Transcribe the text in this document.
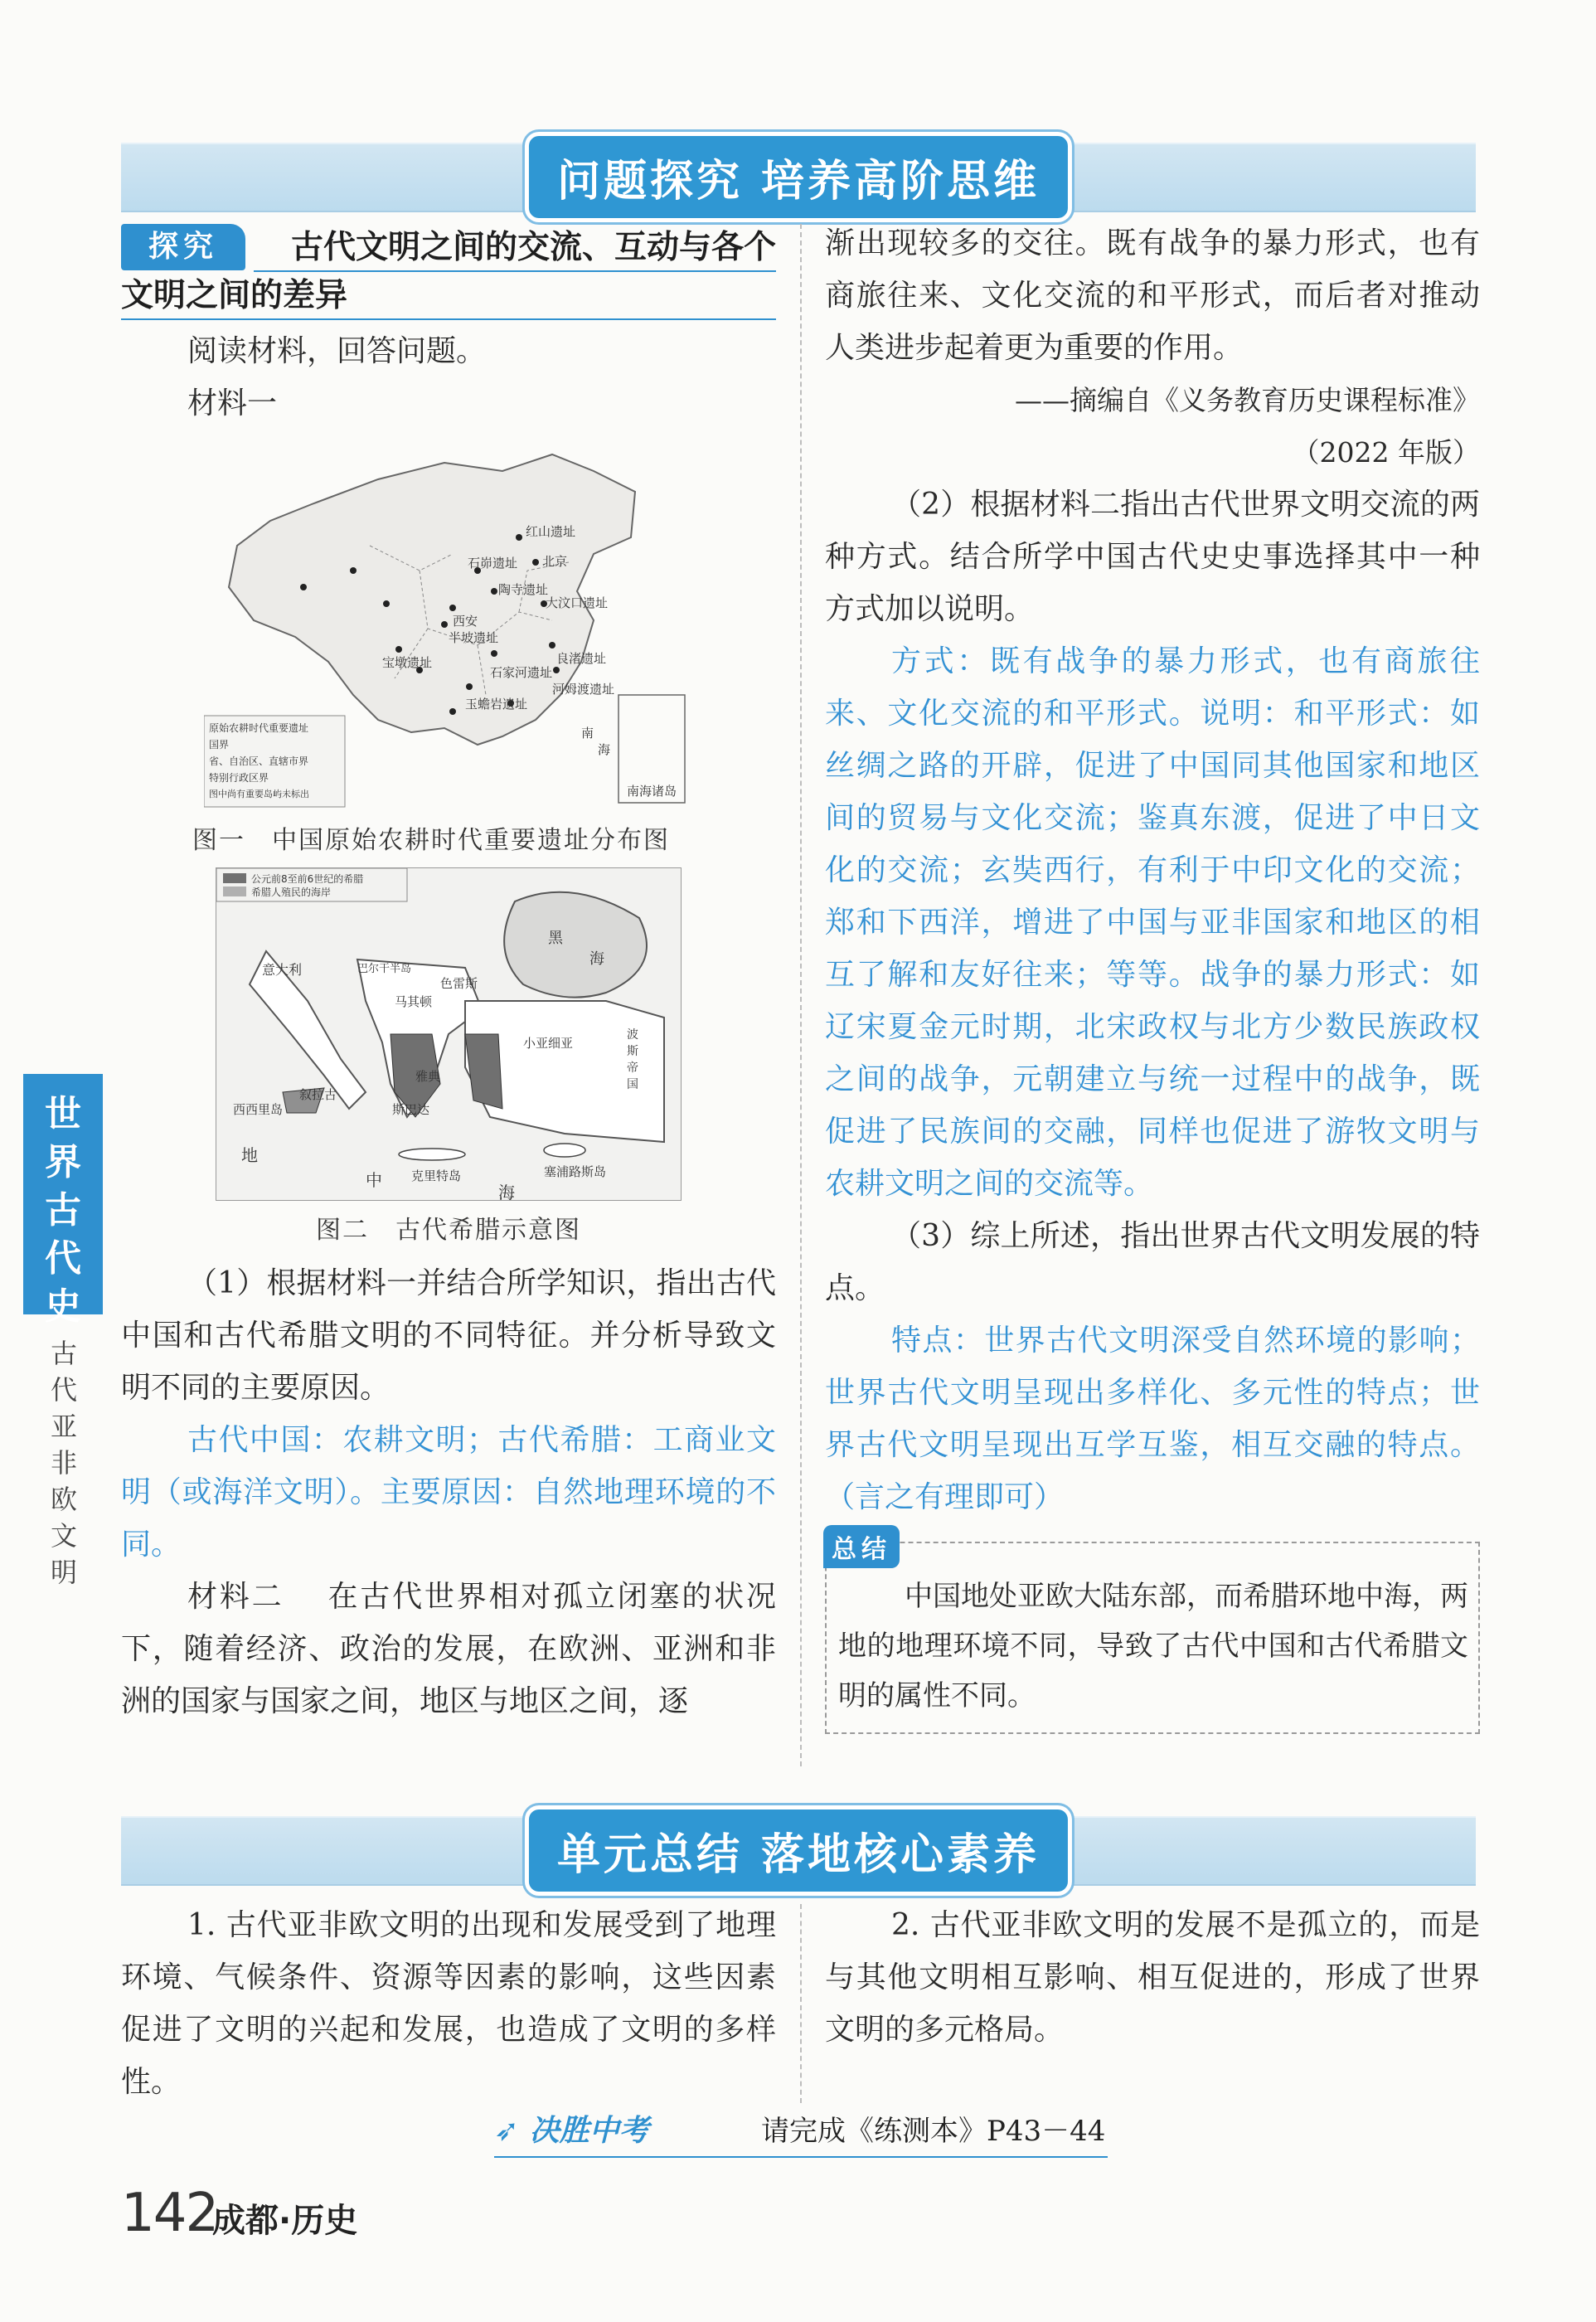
问题探究 培养高阶思维
古代文明之间的交流、互动与各个文明之间的差异
探究

阅读材料，回答问题。

材料一

红山遗址
北京
石峁遗址
陶寺遗址
大汶口遗址
西安
半坡遗址
宝墩遗址	良渚遗址
石家河遗址
河姆渡遗址
玉蟾岩遗址
南海诸岛
南
海
原始农耕时代重要遗址
国界
省、自治区、直辖市界
特别行政区界
图中尚有重要岛屿未标出
图一　中国原始农耕时代重要遗址分布图
公元前8至前6世纪的希腊
希腊人殖民的海岸
黑
海
色雷斯
马其顿
巴尔干半岛
小亚细亚
波斯帝国
意大利
西西里岛
叙拉古
雅典
斯巴达
克里特岛	塞浦路斯岛
地
中
海
图二　古代希腊示意图

（1）根据材料一并结合所学知识，指出古代中国和古代希腊文明的不同特征。并分析导致文明不同的主要原因。

古代中国：农耕文明；古代希腊：工商业文明（或海洋文明）。主要原因：自然地理环境的不同。

材料二　 在古代世界相对孤立闭塞的状况下，随着经济、政治的发展，在欧洲、亚洲和非洲的国家与国家之间，地区与地区之间，逐

渐出现较多的交往。既有战争的暴力形式，也有商旅往来、文化交流的和平形式，而后者对推动人类进步起着更为重要的作用。

——摘编自《义务教育历史课程标准》

（2022 年版）

（2）根据材料二指出古代世界文明交流的两种方式。结合所学中国古代史史事选择其中一种方式加以说明。

方式：既有战争的暴力形式，也有商旅往来、文化交流的和平形式。说明：和平形式：如丝绸之路的开辟，促进了中国同其他国家和地区间的贸易与文化交流；鉴真东渡，促进了中日文化的交流；玄奘西行，有利于中印文化的交流；郑和下西洋，增进了中国与亚非国家和地区的相互了解和友好往来；等等。战争的暴力形式：如辽宋夏金元时期，北宋政权与北方少数民族政权之间的战争，元朝建立与统一过程中的战争，既促进了民族间的交融，同样也促进了游牧文明与农耕文明之间的交流等。

（3）综上所述，指出世界古代文明发展的特点。

特点：世界古代文明深受自然环境的影响；世界古代文明呈现出多样化、多元性的特点；世界古代文明呈现出互学互鉴，相互交融的特点。（言之有理即可）

总结

中国地处亚欧大陆东部，而希腊环地中海，两地的地理环境不同，导致了古代中国和古代希腊文明的属性不同。

单元总结 落地核心素养

1. 古代亚非欧文明的出现和发展受到了地理环境、气候条件、资源等因素的影响，这些因素促进了文明的兴起和发展，也造成了文明的多样性。

2. 古代亚非欧文明的发展不是孤立的，而是与其他文明相互影响、相互促进的，形成了世界文明的多元格局。

世界古代史
古代亚非欧文明
➶ 决胜中考	请完成《练测本》P43－44
142
成都·历史
